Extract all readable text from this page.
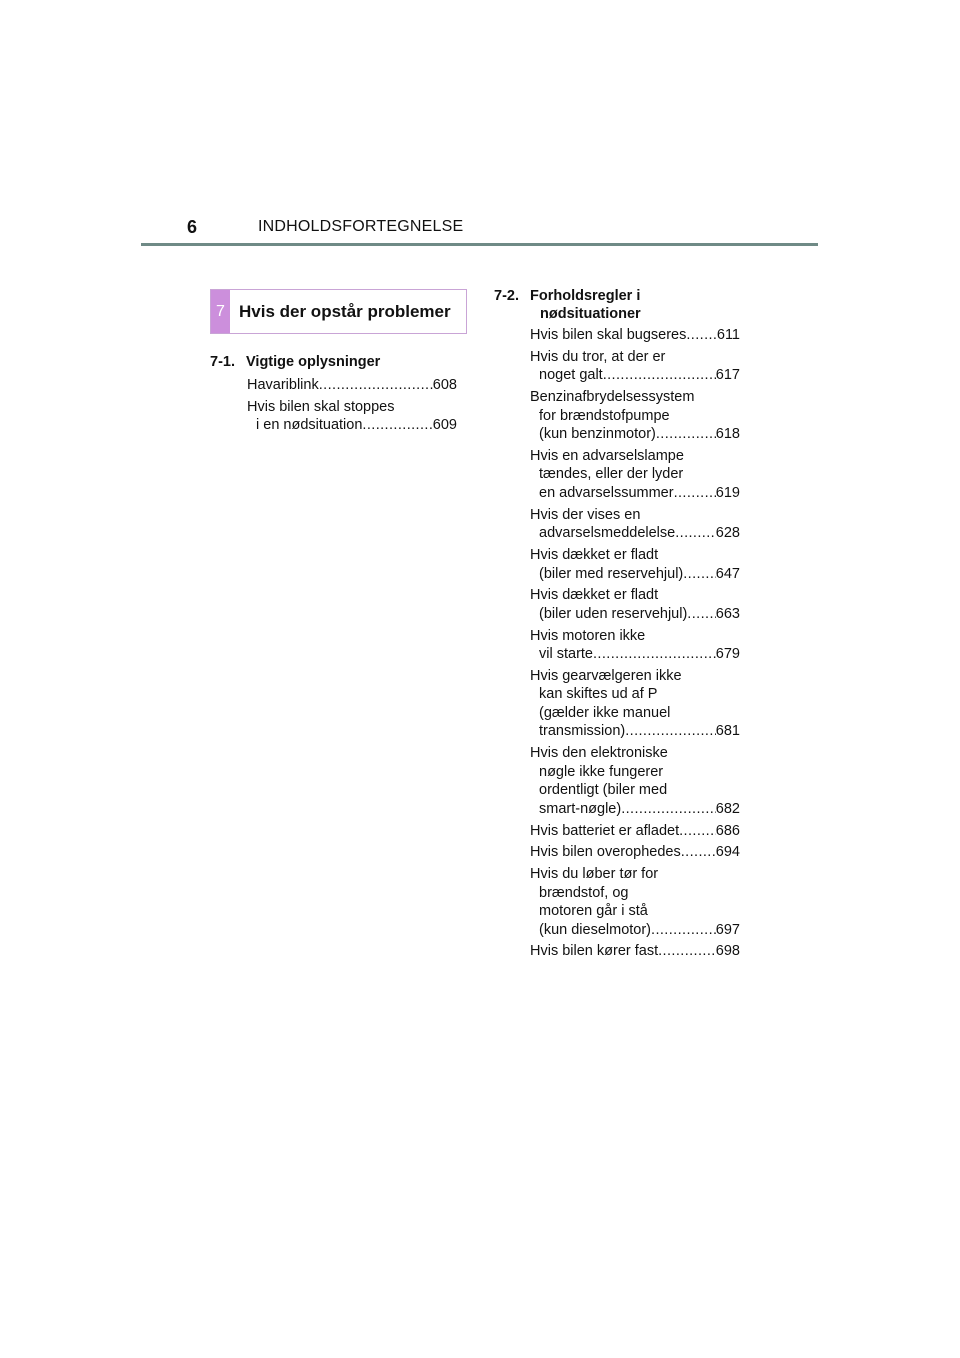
6	INDHOLDSFORTEGNELSE
7 Hvis der opstår problemer
7-1. Vigtige oplysninger
Havariblink .....	608
Hvis bilen skal stoppes
i en nødsituation .....	609
7-2. Forholdsregler i
nødsituationer
Hvis bilen skal bugseres ..... 611
Hvis du tror, at der er
noget galt .....	617
Benzinafbrydelsessystem
for brændstofpumpe
(kun benzinmotor) .....	618
Hvis en advarselslampe
tændes, eller der lyder
en advarselssummer .....	619
Hvis der vises en
advarselsmeddelelse .....	628
Hvis dækket er fladt
(biler med reservehjul) ..... 647
Hvis dækket er fladt
(biler uden reservehjul) ..... 663
Hvis motoren ikke
vil starte .....	679
Hvis gearvælgeren ikke
kan skiftes ud af P
(gælder ikke manuel
transmission) .....	681
Hvis den elektroniske
nøgle ikke fungerer
ordentligt (biler med
smart-nøgle) .....	682
Hvis batteriet er afladet .....	686
Hvis bilen overophedes ..... 694
Hvis du løber tør for
brændstof, og
motoren går i stå
(kun dieselmotor) .....	697
Hvis bilen kører fast .....	698
